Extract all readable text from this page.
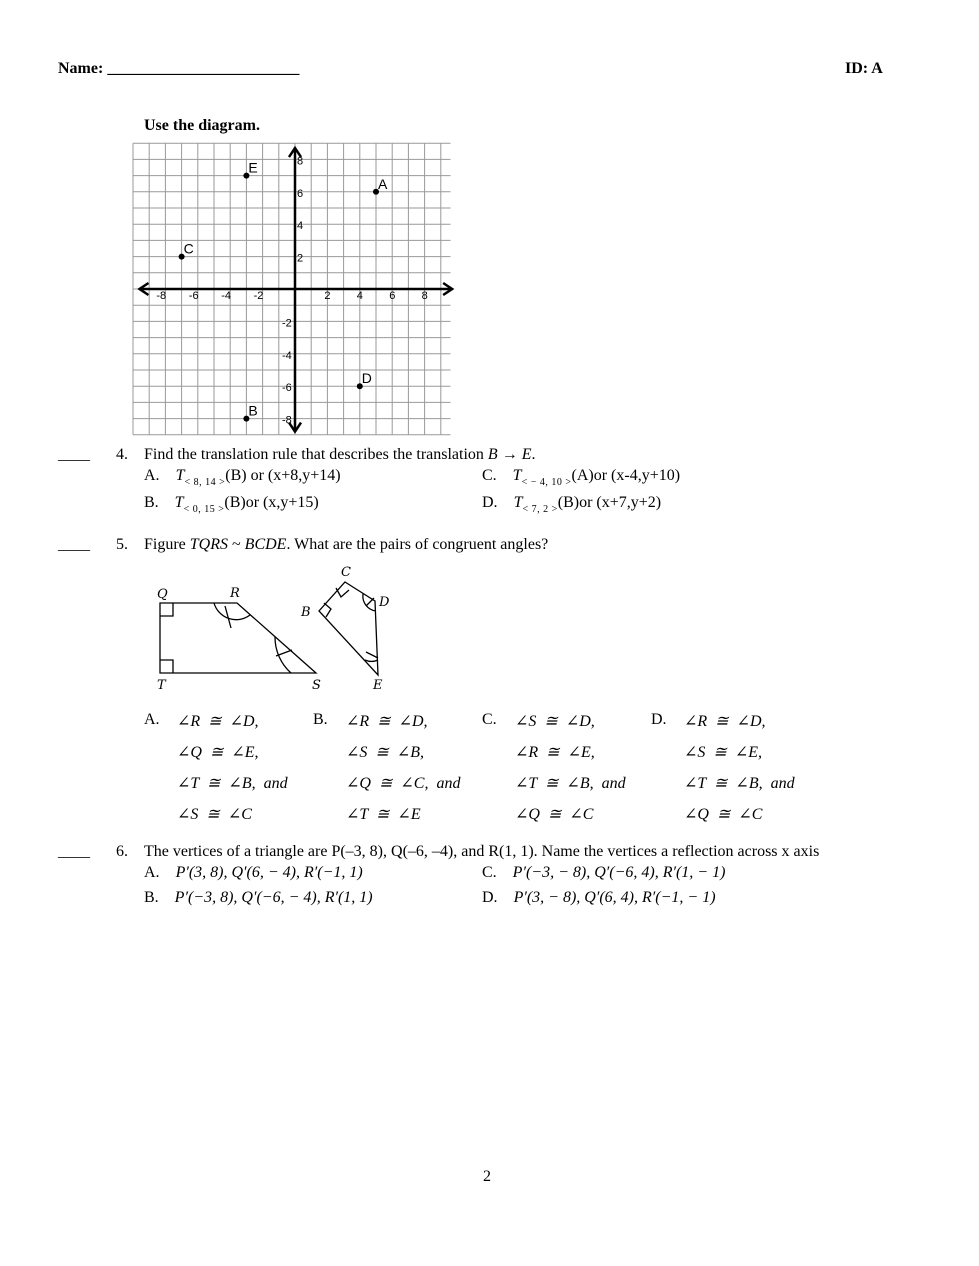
Name: ________________________	ID: A
Use the diagram.
-8 -6 -4 -2	2 4 6 8
8
6
4
2
-2
-4
-6
-8
A
B
C
D
E
____ 4. Find the translation rule that describes the translation B → E.
A. $T_{< 8, 14 >}(B)$ or (x+8,y+14)
B. $T_{< 0, 15 >}(B)or$ (x,y+15)
C. $T_{< - 4, 10 >}(A)or$ (x-4,y+10)
D. $T_{< 7, 2 >}(B)or$ (x+7,y+2)
____ 5. Figure TQRS ~ BCDE. What are the pairs of congruent angles?
Q	R
T	S
C
B
D
E
A. ∠R  ≅  ∠D,
∠Q  ≅  ∠E,
∠T  ≅  ∠B,  and
∠S  ≅  ∠C
B. ∠R  ≅  ∠D,
∠S  ≅  ∠B,
∠Q  ≅  ∠C,  and
∠T  ≅  ∠E
C. ∠S  ≅  ∠D,
∠R  ≅  ∠E,
∠T  ≅  ∠B,  and
∠Q  ≅  ∠C
D. ∠R  ≅  ∠D,
∠S  ≅  ∠E,
∠T  ≅  ∠B,  and
∠Q  ≅  ∠C
____ 6. The vertices of a triangle are P(–3, 8), Q(–6, –4), and R(1, 1). Name the vertices a reflection across x axis
A. P′(3, 8), Q′(6, − 4), R′(−1, 1)
B. P′(−3, 8), Q′(−6, − 4), R′(1, 1)
C. P′(−3, − 8), Q′(−6, 4), R′(1, − 1)
D. P′(3, − 8), Q′(6, 4), R′(−1, − 1)
2
